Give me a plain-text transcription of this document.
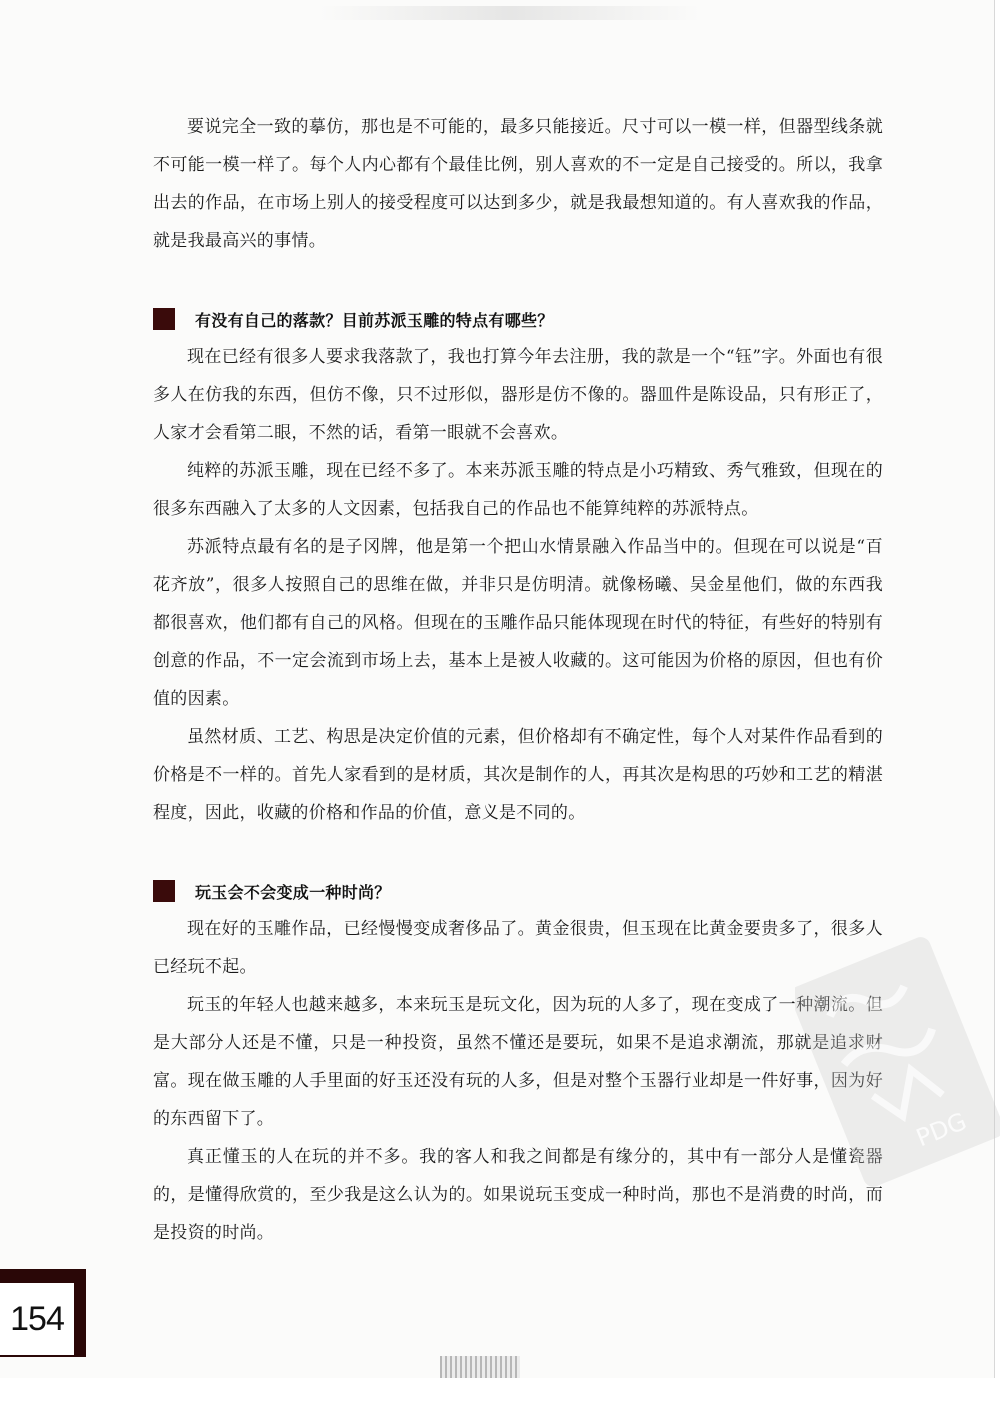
要说完全一致的摹仿，那也是不可能的，最多只能接近。尺寸可以一模一样，但器型线条就不可能一模一样了。每个人内心都有个最佳比例，别人喜欢的不一定是自己接受的。所以，我拿出去的作品，在市场上别人的接受程度可以达到多少，就是我最想知道的。有人喜欢我的作品，就是我最高兴的事情。

有没有自己的落款？目前苏派玉雕的特点有哪些？

现在已经有很多人要求我落款了，我也打算今年去注册，我的款是一个“钰”字。外面也有很多人在仿我的东西，但仿不像，只不过形似，器形是仿不像的。器皿件是陈设品，只有形正了，人家才会看第二眼，不然的话，看第一眼就不会喜欢。

纯粹的苏派玉雕，现在已经不多了。本来苏派玉雕的特点是小巧精致、秀气雅致，但现在的很多东西融入了太多的人文因素，包括我自己的作品也不能算纯粹的苏派特点。

苏派特点最有名的是子冈牌，他是第一个把山水情景融入作品当中的。但现在可以说是“百花齐放”，很多人按照自己的思维在做，并非只是仿明清。就像杨曦、吴金星他们，做的东西我都很喜欢，他们都有自己的风格。但现在的玉雕作品只能体现现在时代的特征，有些好的特别有创意的作品，不一定会流到市场上去，基本上是被人收藏的。这可能因为价格的原因，但也有价值的因素。

虽然材质、工艺、构思是决定价值的元素，但价格却有不确定性，每个人对某件作品看到的价格是不一样的。首先人家看到的是材质，其次是制作的人，再其次是构思的巧妙和工艺的精湛程度，因此，收藏的价格和作品的价值，意义是不同的。

玩玉会不会变成一种时尚？

现在好的玉雕作品，已经慢慢变成奢侈品了。黄金很贵，但玉现在比黄金要贵多了，很多人已经玩不起。

玩玉的年轻人也越来越多，本来玩玉是玩文化，因为玩的人多了，现在变成了一种潮流。但是大部分人还是不懂，只是一种投资，虽然不懂还是要玩，如果不是追求潮流，那就是追求财富。现在做玉雕的人手里面的好玉还没有玩的人多，但是对整个玉器行业却是一件好事，因为好的东西留下了。

真正懂玉的人在玩的并不多。我的客人和我之间都是有缘分的，其中有一部分人是懂瓷器的，是懂得欣赏的，至少我是这么认为的。如果说玩玉变成一种时尚，那也不是消费的时尚，而是投资的时尚。

PDG
154
